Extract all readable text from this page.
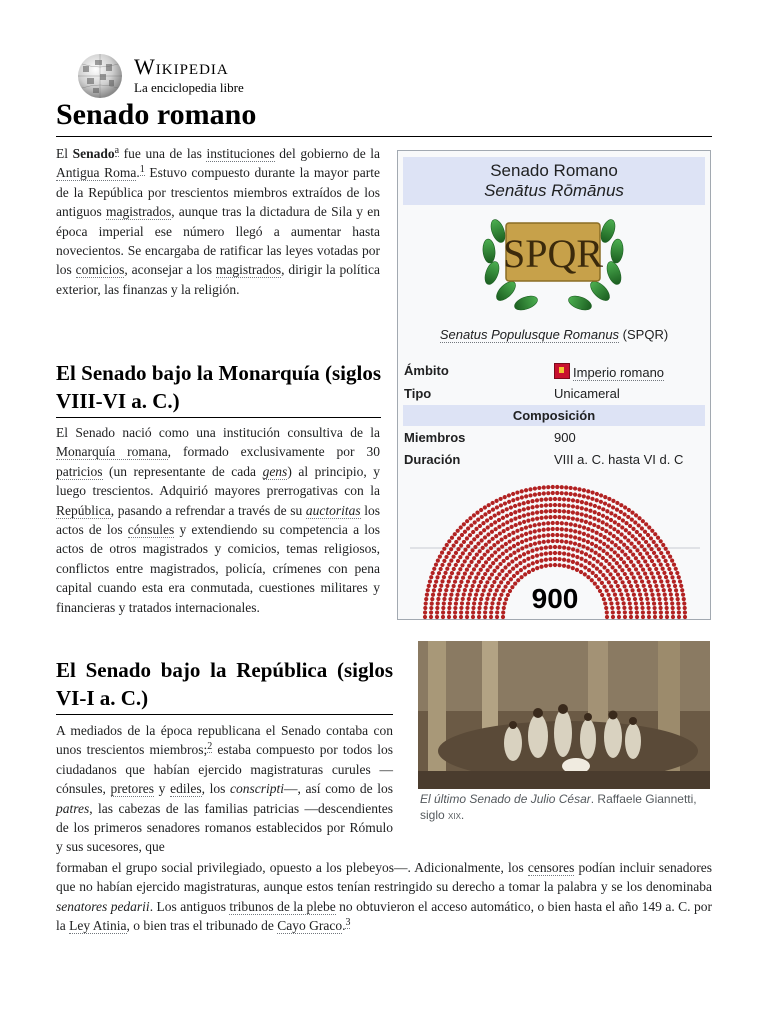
Wikipedia
La enciclopedia libre
Senado romano

El Senado$^a$ fue una de las instituciones del gobierno de la Antigua Roma.$^1$ Estuvo compuesto durante la mayor parte de la República por trescientos miembros extraídos de los antiguos magistrados, aunque tras la dictadura de Sila y en época imperial ese número llegó a aumentar hasta novecientos. Se encargaba de ratificar las leyes votadas por los comicios, aconsejar a los magistrados, dirigir la política exterior, las finanzas y la religión.

El Senado bajo la Monarquía (siglos VIII-VI a. C.)

El Senado nació como una institución consultiva de la Monarquía romana, formado exclusivamente por 30 patricios (un representante de cada gens) al principio, y luego trescientos. Adquirió mayores prerrogativas con la República, pasando a refrendar a través de su auctoritas los actos de los cónsules y extendiendo su competencia a los actos de otros magistrados y comicios, temas religiosos, conflictos entre magistrados, policía, crímenes con pena capital cuando esta era conmutada, cuestiones militares y financieras y tratados internacionales.

El Senado bajo la República (siglos VI-I a. C.)

A mediados de la época republicana el Senado contaba con unos trescientos miembros;$^2$ estaba compuesto por todos los ciudadanos que habían ejercido magistraturas curules —cónsules, pretores y ediles, los conscripti—, así como de los patres, las cabezas de las familias patricias —descendientes de los primeros senadores romanos establecidos por Rómulo y sus sucesores, que

formaban el grupo social privilegiado, opuesto a los plebeyos—. Adicionalmente, los censores podían incluir senadores que no habían ejercido magistraturas, aunque estos tenían restringido su derecho a tomar la palabra y se los denominaba senatores pedarii. Los antiguos tribunos de la plebe no obtuvieron el acceso automático, o bien hasta el año 149 a. C. por la Ley Atinia, o bien tras el tribunado de Cayo Graco.$^3$

Senado Romano
Senātus Rōmānus
SPQR
Senatus Populusque Romanus (SPQR)
Ámbito	Imperio romano
Tipo	Unicameral
Composición
Miembros	900
Duración	VIII a. C. hasta VI d. C
900
El último Senado de Julio César. Raffaele Giannetti, siglo xix.
